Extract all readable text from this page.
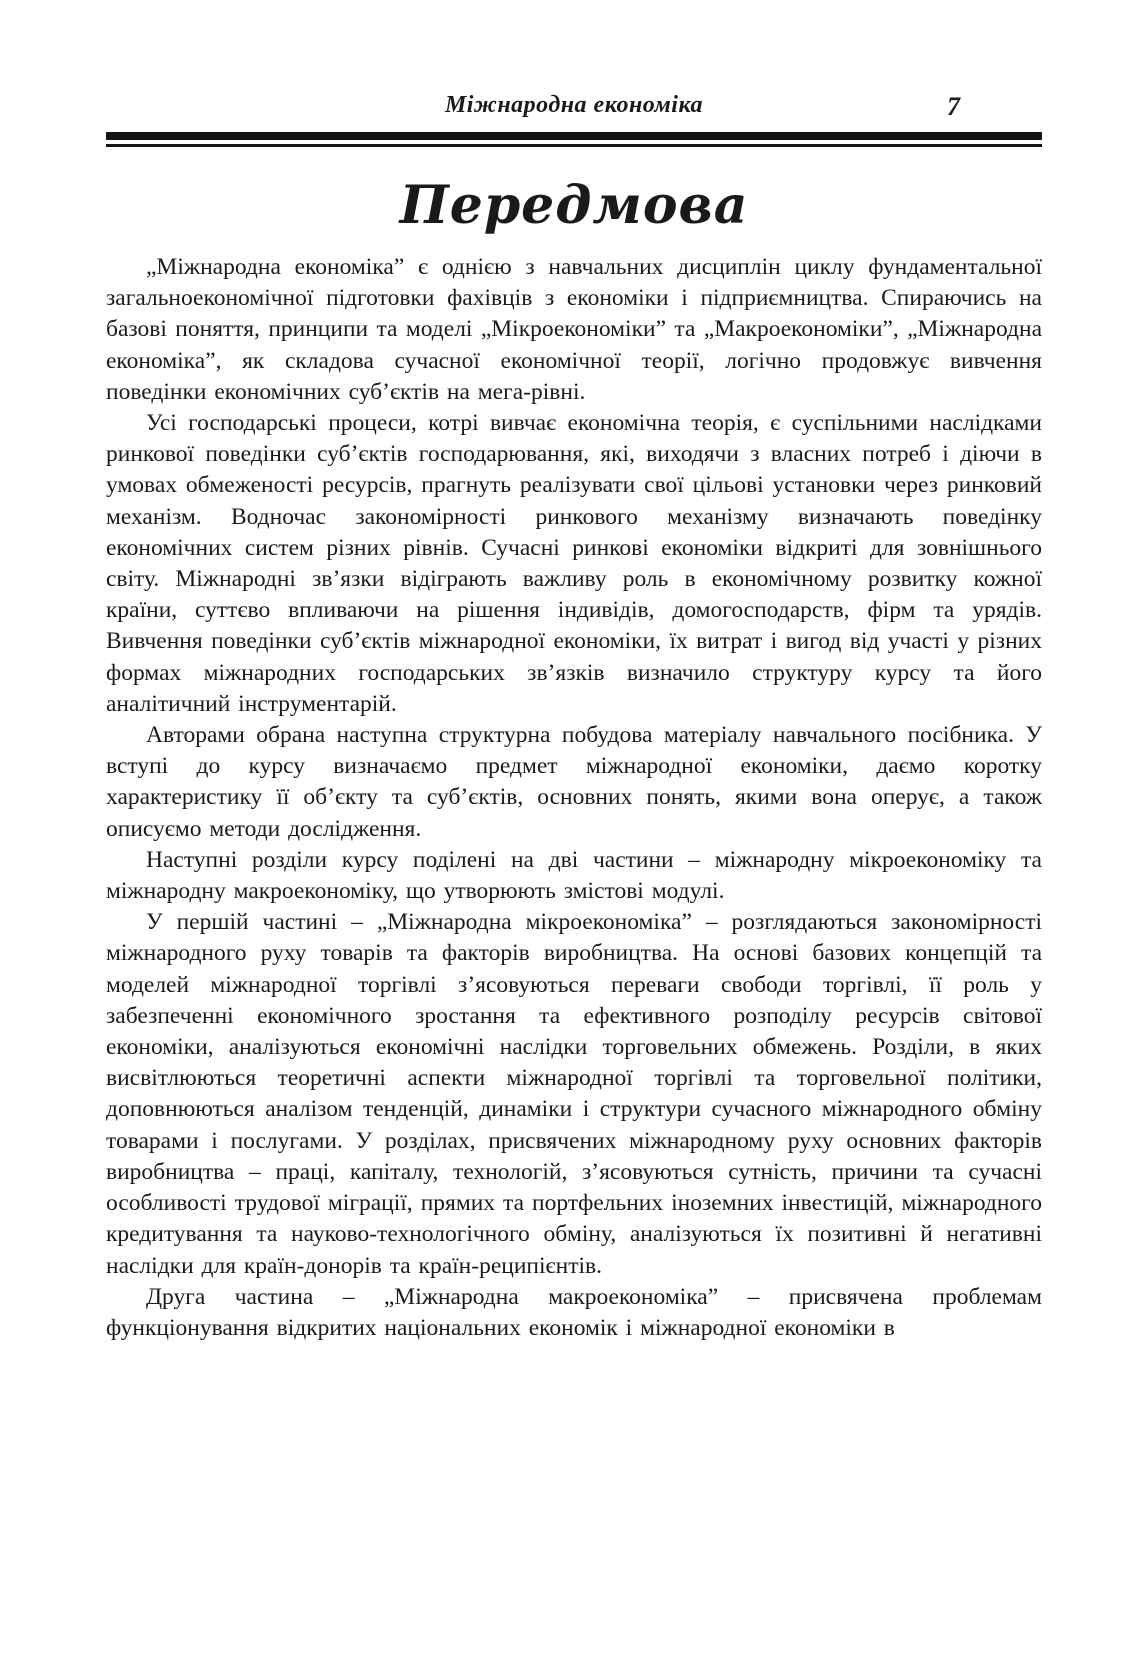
Міжнародна економіка	7
Передмова

„Міжнародна економіка” є однією з навчальних дисциплін циклу фундаментальної загальноекономічної підготовки фахівців з економіки і підприємництва. Спираючись на базові поняття, принципи та моделі „Мікроекономіки” та „Макроекономіки”, „Міжнародна економіка”, як складова сучасної економічної теорії, логічно продовжує вивчення поведінки економічних суб’єктів на мега-рівні.

Усі господарські процеси, котрі вивчає економічна теорія, є суспільними наслідками ринкової поведінки суб’єктів господарювання, які, виходячи з власних потреб і діючи в умовах обмеженості ресурсів, прагнуть реалізувати свої цільові установки через ринковий механізм. Водночас закономірності ринкового механізму визначають поведінку економічних систем різних рівнів. Сучасні ринкові економіки відкриті для зовнішнього світу. Міжнародні зв’язки відіграють важливу роль в економічному розвитку кожної країни, суттєво впливаючи на рішення індивідів, домогосподарств, фірм та урядів. Вивчення поведінки суб’єктів міжнародної економіки, їх витрат і вигод від участі у різних формах міжнародних господарських зв’язків визначило структуру курсу та його аналітичний інструментарій.

Авторами обрана наступна структурна побудова матеріалу навчального посібника. У вступі до курсу визначаємо предмет міжнародної економіки, даємо коротку характеристику її об’єкту та суб’єктів, основних понять, якими вона оперує, а також описуємо методи дослідження.

Наступні розділи курсу поділені на дві частини – міжнародну мікроекономіку та міжнародну макроекономіку, що утворюють змістові модулі.

У першій частині – „Міжнародна мікроекономіка” – розглядаються закономірності міжнародного руху товарів та факторів виробництва. На основі базових концепцій та моделей міжнародної торгівлі з’ясовуються переваги свободи торгівлі, її роль у забезпеченні економічного зростання та ефективного розподілу ресурсів світової економіки, аналізуються економічні наслідки торговельних обмежень. Розділи, в яких висвітлюються теоретичні аспекти міжнародної торгівлі та торговельної політики, доповнюються аналізом тенденцій, динаміки і структури сучасного міжнародного обміну товарами і послугами. У розділах, присвячених міжнародному руху основних факторів виробництва – праці, капіталу, технологій, з’ясовуються сутність, причини та сучасні особливості трудової міграції, прямих та портфельних іноземних інвестицій, міжнародного кредитування та науково-технологічного обміну, аналізуються їх позитивні й негативні наслідки для країн-донорів та країн-реципієнтів.

Друга частина – „Міжнародна макроекономіка” – присвячена проблемам функціонування відкритих національних економік і міжнародної економіки в
